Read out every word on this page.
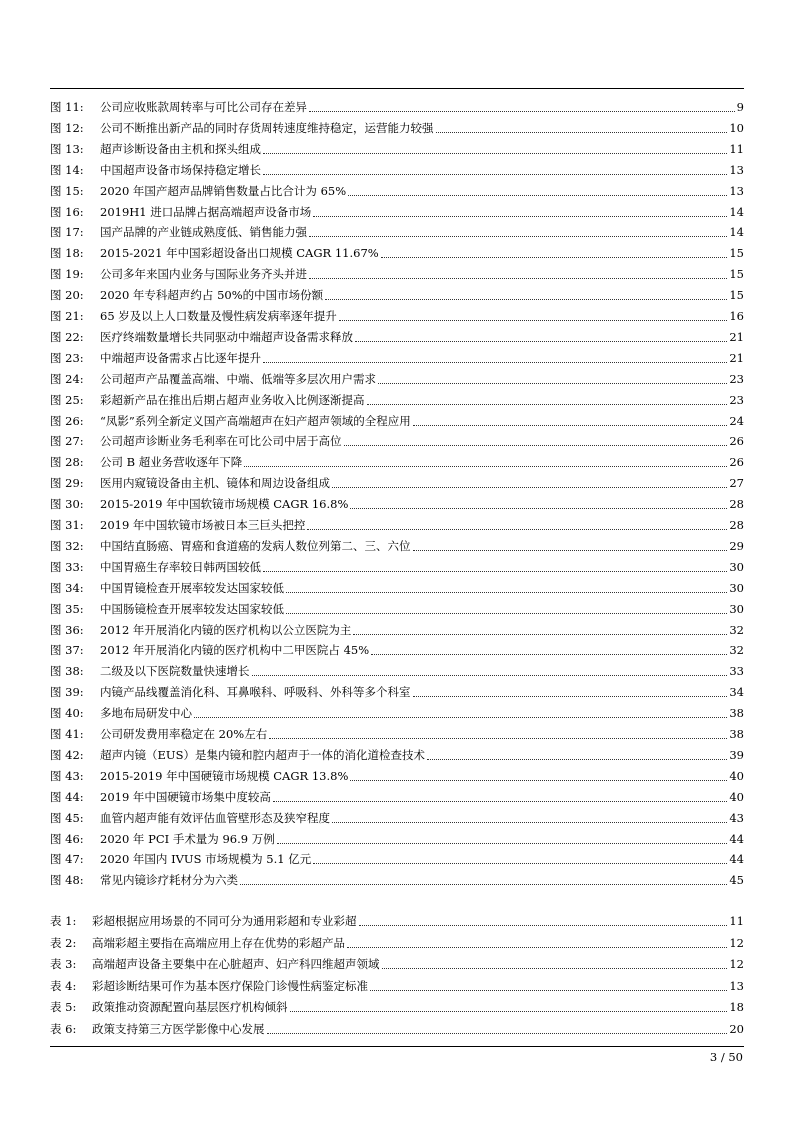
图 11:	公司应收账款周转率与可比公司存在差异	9
图 12:	公司不断推出新产品的同时存货周转速度维持稳定，运营能力较强	10
图 13:	超声诊断设备由主机和探头组成	11
图 14:	中国超声设备市场保持稳定增长	13
图 15:	2020 年国产超声品牌销售数量占比合计为 65%	13
图 16:	2019H1 进口品牌占据高端超声设备市场	14
图 17:	国产品牌的产业链成熟度低、销售能力强	14
图 18:	2015-2021 年中国彩超设备出口规模 CAGR 11.67%	15
图 19:	公司多年来国内业务与国际业务齐头并进	15
图 20:	2020 年专科超声约占 50%的中国市场份额	15
图 21:	65 岁及以上人口数量及慢性病发病率逐年提升	16
图 22:	医疗终端数量增长共同驱动中端超声设备需求释放	21
图 23:	中端超声设备需求占比逐年提升	21
图 24:	公司超声产品覆盖高端、中端、低端等多层次用户需求	23
图 25:	彩超新产品在推出后期占超声业务收入比例逐渐提高	23
图 26:	“凤影”系列全新定义国产高端超声在妇产超声领域的全程应用	24
图 27:	公司超声诊断业务毛利率在可比公司中居于高位	26
图 28:	公司 B 超业务营收逐年下降	26
图 29:	医用内窥镜设备由主机、镜体和周边设备组成	27
图 30:	2015-2019 年中国软镜市场规模 CAGR 16.8%	28
图 31:	2019 年中国软镜市场被日本三巨头把控	28
图 32:	中国结直肠癌、胃癌和食道癌的发病人数位列第二、三、六位	29
图 33:	中国胃癌生存率较日韩两国较低	30
图 34:	中国胃镜检查开展率较发达国家较低	30
图 35:	中国肠镜检查开展率较发达国家较低	30
图 36:	2012 年开展消化内镜的医疗机构以公立医院为主	32
图 37:	2012 年开展消化内镜的医疗机构中二甲医院占 45%	32
图 38:	二级及以下医院数量快速增长	33
图 39:	内镜产品线覆盖消化科、耳鼻喉科、呼吸科、外科等多个科室	34
图 40:	多地布局研发中心	38
图 41:	公司研发费用率稳定在 20%左右	38
图 42:	超声内镜（EUS）是集内镜和腔内超声于一体的消化道检查技术	39
图 43:	2015-2019 年中国硬镜市场规模 CAGR 13.8%	40
图 44:	2019 年中国硬镜市场集中度较高	40
图 45:	血管内超声能有效评估血管壁形态及狭窄程度	43
图 46:	2020 年 PCI 手术量为 96.9 万例	44
图 47:	2020 年国内 IVUS 市场规模为 5.1 亿元	44
图 48:	常见内镜诊疗耗材分为六类	45
表 1:	彩超根据应用场景的不同可分为通用彩超和专业彩超	11
表 2:	高端彩超主要指在高端应用上存在优势的彩超产品	12
表 3:	高端超声设备主要集中在心脏超声、妇产科四维超声领域	12
表 4:	彩超诊断结果可作为基本医疗保险门诊慢性病鉴定标准	13
表 5:	政策推动资源配置向基层医疗机构倾斜	18
表 6:	政策支持第三方医学影像中心发展	20
3 / 50
